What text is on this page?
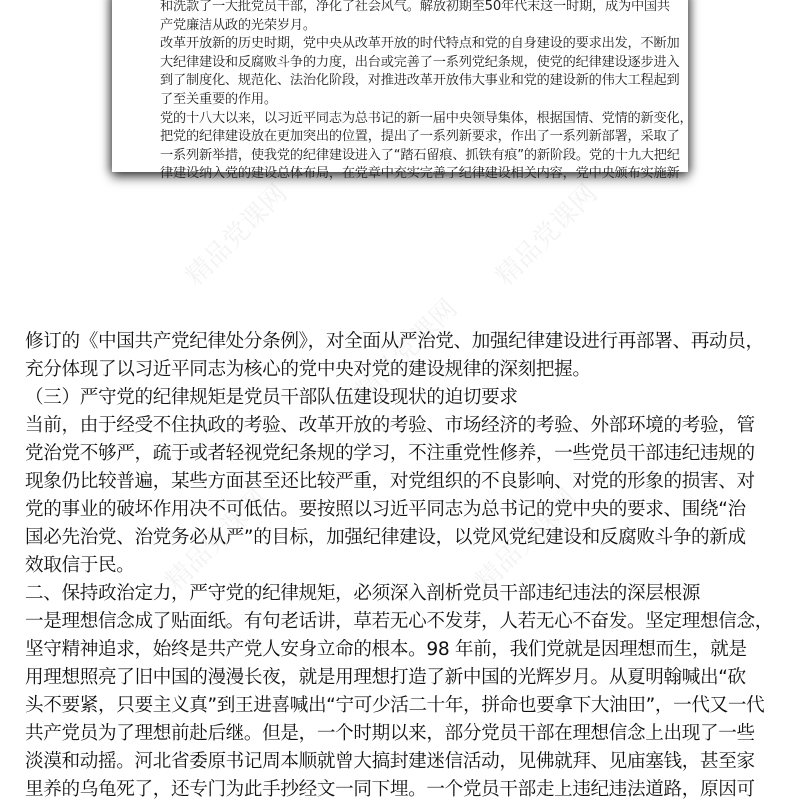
和洗款了一大批党员干部，净化了社会风气。解放初期至50年代末这一时期，成为中国共
产党廉洁从政的光荣岁月。
改革开放新的历史时期，党中央从改革开放的时代特点和党的自身建设的要求出发，不断加
大纪律建设和反腐败斗争的力度，出台或完善了一系列党纪条规，使党的纪律建设逐步进入
到了制度化、规范化、法治化阶段，对推进改革开放伟大事业和党的建设新的伟大工程起到
了至关重要的作用。
党的十八大以来，以习近平同志为总书记的新一届中央领导集体，根据国情、党情的新变化，
把党的纪律建设放在更加突出的位置，提出了一系列新要求，作出了一系列新部署，采取了
一系列新举措，使我党的纪律建设进入了“踏石留痕、抓铁有痕”的新阶段。党的十九大把纪
律建设纳入党的建设总体布局，在党章中充实完善了纪律建设相关内容，党中央颁布实施新
精品党课网	精品党课网
精品党课网
精品党课网	精品党课网
修订的《中国共产党纪律处分条例》，对全面从严治党、加强纪律建设进行再部署、再动员，
充分体现了以习近平同志为核心的党中央对党的建设规律的深刻把握。
（三）严守党的纪律规矩是党员干部队伍建设现状的迫切要求
当前，由于经受不住执政的考验、改革开放的考验、市场经济的考验、外部环境的考验，管
党治党不够严，疏于或者轻视党纪条规的学习，不注重党性修养，一些党员干部违纪违规的
现象仍比较普遍，某些方面甚至还比较严重，对党组织的不良影响、对党的形象的损害、对
党的事业的破坏作用决不可低估。要按照以习近平同志为总书记的党中央的要求、围绕“治
国必先治党、治党务必从严”的目标，加强纪律建设，以党风党纪建设和反腐败斗争的新成
效取信于民。
二、保持政治定力，严守党的纪律规矩，必须深入剖析党员干部违纪违法的深层根源
一是理想信念成了贴面纸。有句老话讲，草若无心不发芽，人若无心不奋发。坚定理想信念，
坚守精神追求，始终是共产党人安身立命的根本。98 年前，我们党就是因理想而生，就是
用理想照亮了旧中国的漫漫长夜，就是用理想打造了新中国的光辉岁月。从夏明翰喊出“砍
头不要紧，只要主义真”到王进喜喊出“宁可少活二十年，拼命也要拿下大油田”，一代又一代
共产党员为了理想前赴后继。但是，一个时期以来，部分党员干部在理想信念上出现了一些
淡漠和动摇。河北省委原书记周本顺就曾大搞封建迷信活动，见佛就拜、见庙塞钱，甚至家
里养的乌龟死了，还专门为此手抄经文一同下埋。一个党员干部走上违纪违法道路，原因可
